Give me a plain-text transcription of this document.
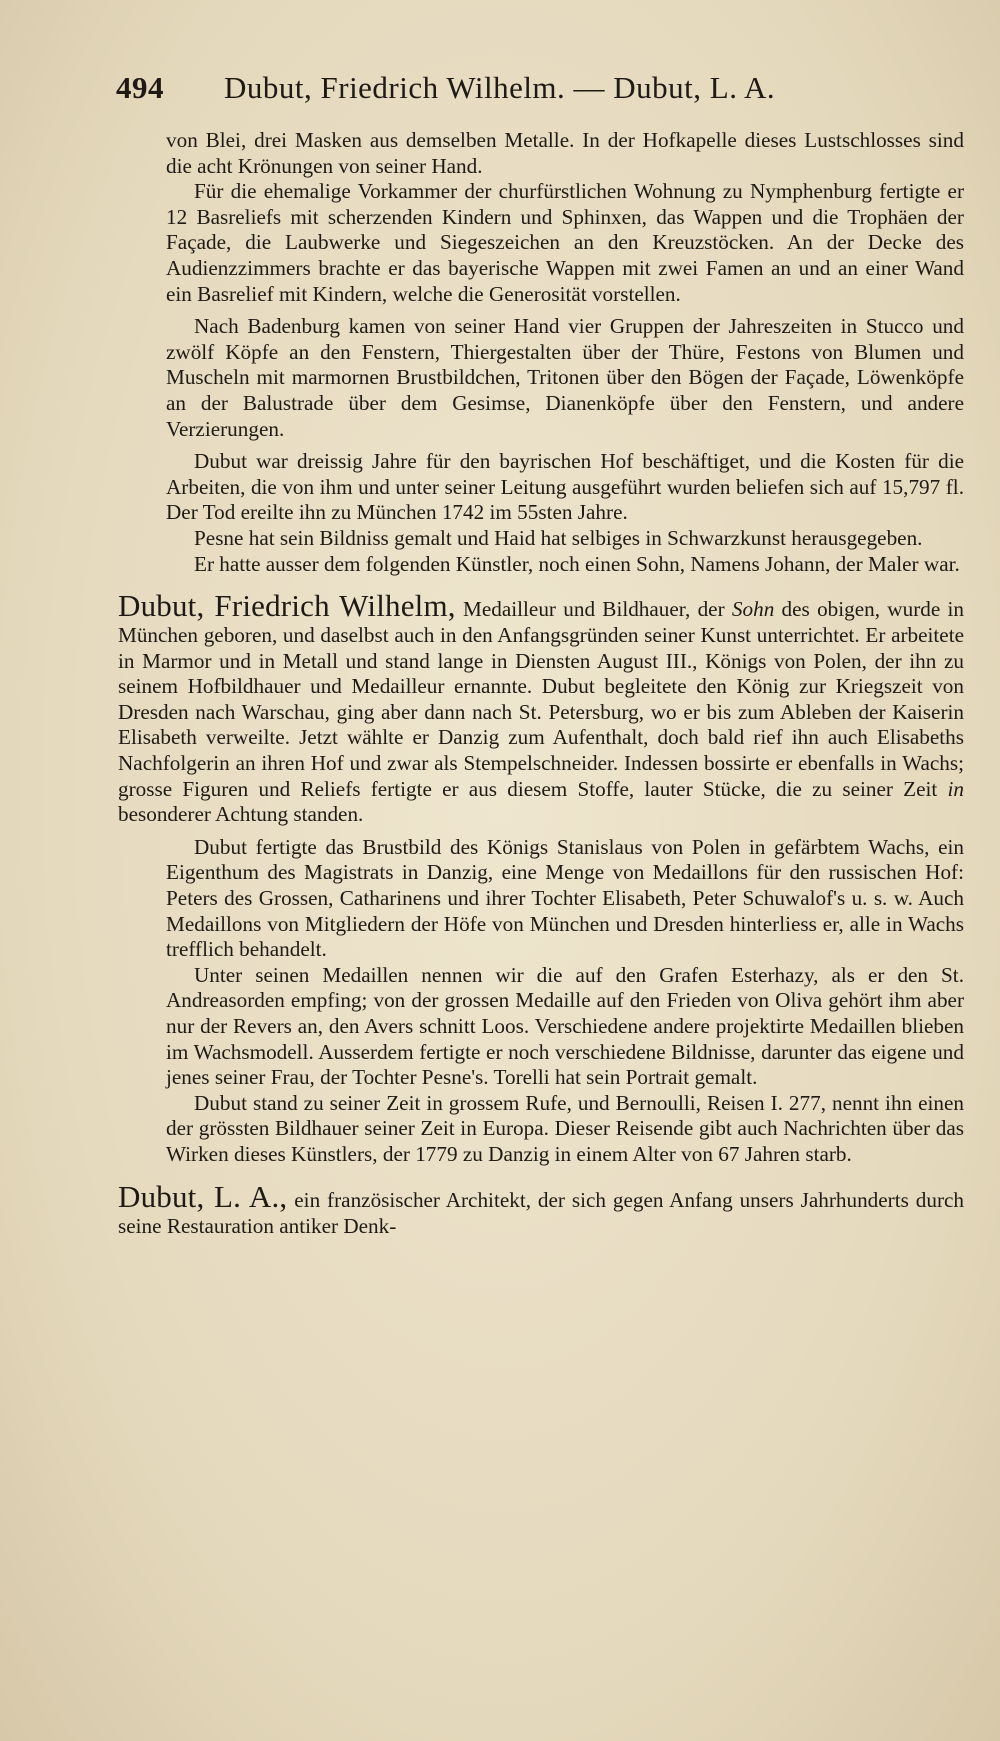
494 Dubut, Friedrich Wilhelm. — Dubut, L. A.

von Blei, drei Masken aus demselben Metalle. In der Hofkapelle dieses Lustschlosses sind die acht Krönungen von seiner Hand.

Für die ehemalige Vorkammer der churfürstlichen Wohnung zu Nymphenburg fertigte er 12 Basreliefs mit scherzenden Kindern und Sphinxen, das Wappen und die Trophäen der Façade, die Laubwerke und Siegeszeichen an den Kreuzstöcken. An der Decke des Audienzzimmers brachte er das bayerische Wappen mit zwei Famen an und an einer Wand ein Basrelief mit Kindern, welche die Generosität vorstellen.

Nach Badenburg kamen von seiner Hand vier Gruppen der Jahreszeiten in Stucco und zwölf Köpfe an den Fenstern, Thiergestalten über der Thüre, Festons von Blumen und Muscheln mit marmornen Brustbildchen, Tritonen über den Bögen der Façade, Löwenköpfe an der Balustrade über dem Gesimse, Dianenköpfe über den Fenstern, und andere Verzierungen.

Dubut war dreissig Jahre für den bayrischen Hof beschäftiget, und die Kosten für die Arbeiten, die von ihm und unter seiner Leitung ausgeführt wurden beliefen sich auf 15,797 fl. Der Tod ereilte ihn zu München 1742 im 55sten Jahre.

Pesne hat sein Bildniss gemalt und Haid hat selbiges in Schwarzkunst herausgegeben.

Er hatte ausser dem folgenden Künstler, noch einen Sohn, Namens Johann, der Maler war.

Dubut, Friedrich Wilhelm, Medailleur und Bildhauer, der Sohn des obigen, wurde in München geboren, und daselbst auch in den Anfangsgründen seiner Kunst unterrichtet. Er arbeitete in Marmor und in Metall und stand lange in Diensten August III., Königs von Polen, der ihn zu seinem Hofbildhauer und Medailleur ernannte. Dubut begleitete den König zur Kriegszeit von Dresden nach Warschau, ging aber dann nach St. Petersburg, wo er bis zum Ableben der Kaiserin Elisabeth verweilte. Jetzt wählte er Danzig zum Aufenthalt, doch bald rief ihn auch Elisabeths Nachfolgerin an ihren Hof und zwar als Stempelschneider. Indessen bossirte er ebenfalls in Wachs; grosse Figuren und Reliefs fertigte er aus diesem Stoffe, lauter Stücke, die zu seiner Zeit in besonderer Achtung standen.

Dubut fertigte das Brustbild des Königs Stanislaus von Polen in gefärbtem Wachs, ein Eigenthum des Magistrats in Danzig, eine Menge von Medaillons für den russischen Hof: Peters des Grossen, Catharinens und ihrer Tochter Elisabeth, Peter Schuwalof's u. s. w. Auch Medaillons von Mitgliedern der Höfe von München und Dresden hinterliess er, alle in Wachs trefflich behandelt.

Unter seinen Medaillen nennen wir die auf den Grafen Esterhazy, als er den St. Andreasorden empfing; von der grossen Medaille auf den Frieden von Oliva gehört ihm aber nur der Revers an, den Avers schnitt Loos. Verschiedene andere projektirte Medaillen blieben im Wachsmodell. Ausserdem fertigte er noch verschiedene Bildnisse, darunter das eigene und jenes seiner Frau, der Tochter Pesne's. Torelli hat sein Portrait gemalt.

Dubut stand zu seiner Zeit in grossem Rufe, und Bernoulli, Reisen I. 277, nennt ihn einen der grössten Bildhauer seiner Zeit in Europa. Dieser Reisende gibt auch Nachrichten über das Wirken dieses Künstlers, der 1779 zu Danzig in einem Alter von 67 Jahren starb.

Dubut, L. A., ein französischer Architekt, der sich gegen Anfang unsers Jahrhunderts durch seine Restauration antiker Denk-
